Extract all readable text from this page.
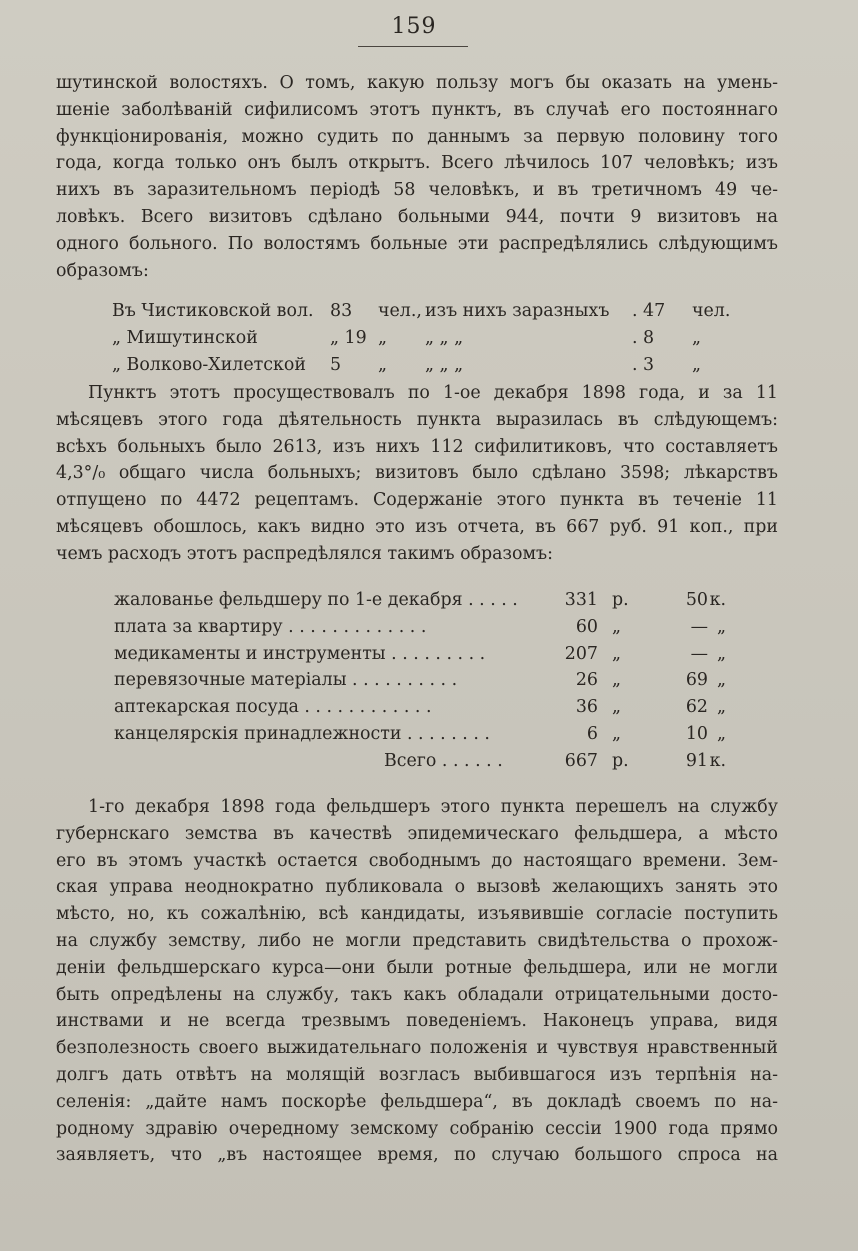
159
шутинской волостяхъ. О томъ, какую пользу могъ бы оказать на умень-
шеніе заболѣваній сифилисомъ этотъ пунктъ, въ случаѣ его постояннаго
функціонированія, можно судить по даннымъ за первую половину того
года, когда только онъ былъ открытъ. Всего лѣчилось 107 человѣкъ; изъ
нихъ въ заразительномъ періодѣ 58 человѣкъ, и въ третичномъ 49 че-
ловѣкъ. Всего визитовъ сдѣлано больными 944, почти 9 визитовъ на
одного больного. По волостямъ больные эти распредѣлялись слѣдующимъ
образомъ:
Въ Чистиковской вол. 83 чел., изъ нихъ заразныхъ . 47 чел.
„ Мишутинской	„ 19 „ „ „ „	. 8 „
„ Волково-Хилетской 5 „ „ „ „	. 3 „
Пунктъ этотъ просуществовалъ по 1-ое декабря 1898 года, и за 11
мѣсяцевъ этого года дѣятельность пункта выразилась въ слѣдующемъ:
всѣхъ больныхъ было 2613, изъ нихъ 112 сифилитиковъ, что составляетъ
4,3°/₀ общаго числа больныхъ; визитовъ было сдѣлано 3598; лѣкарствъ
отпущено по 4472 рецептамъ. Содержаніе этого пункта въ теченіе 11
мѣсяцевъ обошлось, какъ видно это изъ отчета, въ 667 руб. 91 коп., при
чемъ расходъ этотъ распредѣлялся такимъ образомъ:
жалованье фельдшеру по 1-е декабря . . . . .	331 р.	50 к.
плата за квартиру . . . . . . . . . . . . .	60 „	— „
медикаменты и инструменты . . . . . . . . .	207 „	— „
перевязочные матеріалы . . . . . . . . . .	26 „	69 „
аптекарская посуда . . . . . . . . . . . .	36 „	62 „
канцелярскія принадлежности . . . . . . . .	6 „	10 „
Всего . . . . . .	667 р.	91 к.
1-го декабря 1898 года фельдшеръ этого пункта перешелъ на службу
губернскаго земства въ качествѣ эпидемическаго фельдшера, а мѣсто
его въ этомъ участкѣ остается свободнымъ до настоящаго времени. Зем-
ская управа неоднократно публиковала о вызовѣ желающихъ занять это
мѣсто, но, къ сожалѣнію, всѣ кандидаты, изъявившіе согласіе поступить
на службу земству, либо не могли представить свидѣтельства о прохож-
деніи фельдшерскаго курса—они были ротные фельдшера, или не могли
быть опредѣлены на службу, такъ какъ обладали отрицательными досто-
инствами и не всегда трезвымъ поведеніемъ. Наконецъ управа, видя
безполезность своего выжидательнаго положенія и чувствуя нравственный
долгъ дать отвѣтъ на молящій возгласъ выбившагося изъ терпѣнія на-
селенія: „дайте намъ поскорѣе фельдшера“, въ докладѣ своемъ по на-
родному здравію очередному земскому собранію сессіи 1900 года прямо
заявляетъ, что „въ настоящее время, по случаю большого спроса на
